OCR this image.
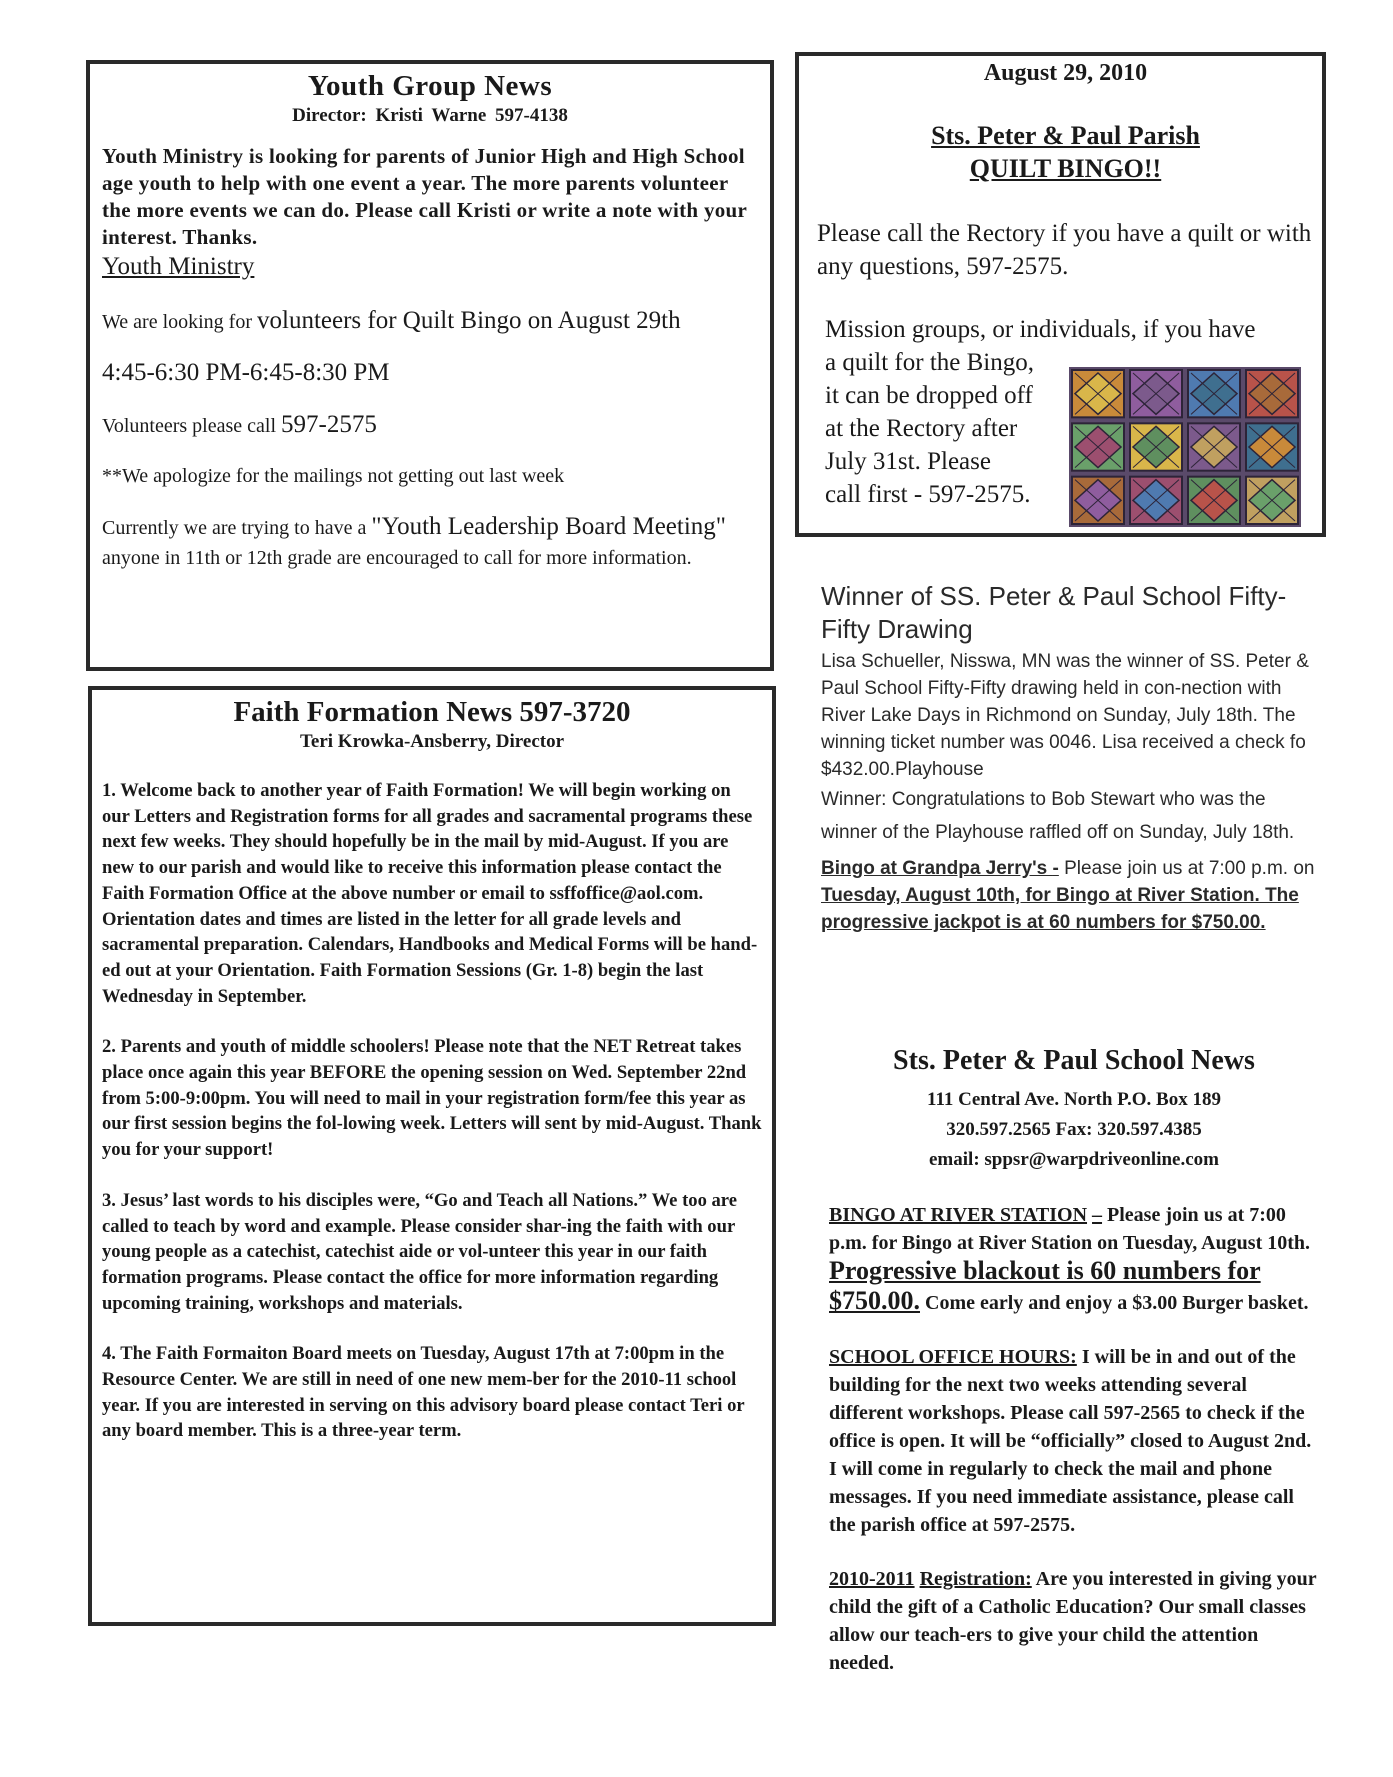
Youth Group News

Director: Kristi Warne 597-4138

Youth Ministry is looking for parents of Junior High and High School age youth to help with one event a year. The more parents volunteer the more events we can do. Please call Kristi or write a note with your interest. Thanks.

Youth Ministry

We are looking for volunteers for Quilt Bingo on August 29th

4:45-6:30 PM-6:45-8:30 PM

Volunteers please call 597-2575

**We apologize for the mailings not getting out last week

Currently we are trying to have a "Youth Leadership Board Meeting" anyone in 11th or 12th grade are encouraged to call for more information.

Faith Formation News 597-3720

Teri Krowka-Ansberry, Director

1. Welcome back to another year of Faith Formation! We will begin working on our Letters and Registration forms for all grades and sacramental programs these next few weeks. They should hopefully be in the mail by mid-August. If you are new to our parish and would like to receive this information please contact the Faith Formation Office at the above number or email to ssffoffice@aol.com. Orientation dates and times are listed in the letter for all grade levels and sacramental preparation. Calendars, Handbooks and Medical Forms will be hand-ed out at your Orientation. Faith Formation Sessions (Gr. 1-8) begin the last Wednesday in September.

2. Parents and youth of middle schoolers! Please note that the NET Retreat takes place once again this year BEFORE the opening session on Wed. September 22nd from 5:00-9:00pm. You will need to mail in your registration form/fee this year as our first session begins the fol-lowing week. Letters will sent by mid-August. Thank you for your support!

3. Jesus’ last words to his disciples were, “Go and Teach all Nations.” We too are called to teach by word and example. Please consider shar-ing the faith with our young people as a catechist, catechist aide or vol-unteer this year in our faith formation programs. Please contact the office for more information regarding upcoming training, workshops and materials.

4. The Faith Formaiton Board meets on Tuesday, August 17th at 7:00pm in the Resource Center. We are still in need of one new mem-ber for the 2010-11 school year. If you are interested in serving on this advisory board please contact Teri or any board member. This is a three-year term.

August 29, 2010

Sts. Peter & Paul Parish
QUILT BINGO!!

Please call the Rectory if you have a quilt or with any questions, 597-2575.

Mission groups, or individuals, if you have
a quilt for the Bingo,
it can be dropped off
at the Rectory after
July 31st. Please
call first - 597-2575.

Winner of SS. Peter & Paul School Fifty-Fifty Drawing

Lisa Schueller, Nisswa, MN was the winner of SS. Peter & Paul School Fifty-Fifty drawing held in con-nection with River Lake Days in Richmond on Sunday, July 18th. The winning ticket number was 0046. Lisa received a check fo $432.00.Playhouse

Winner: Congratulations to Bob Stewart who was the winner of the Playhouse raffled off on Sunday, July 18th.

Bingo at Grandpa Jerry's - Please join us at 7:00 p.m. on Tuesday, August 10th, for Bingo at River Station. The progressive jackpot is at 60 numbers for $750.00.

Sts. Peter & Paul School News

111 Central Ave. North P.O. Box 189
320.597.2565 Fax: 320.597.4385
email: sppsr@warpdriveonline.com

BINGO AT RIVER STATION – Please join us at 7:00 p.m. for Bingo at River Station on Tuesday, August 10th. Progressive blackout is 60 numbers for $750.00. Come early and enjoy a $3.00 Burger basket.

SCHOOL OFFICE HOURS: I will be in and out of the building for the next two weeks attending several different workshops. Please call 597-2565 to check if the office is open. It will be “officially” closed to August 2nd. I will come in regularly to check the mail and phone messages. If you need immediate assistance, please call the parish office at 597-2575.

2010-2011 Registration: Are you interested in giving your child the gift of a Catholic Education? Our small classes allow our teach-ers to give your child the attention needed.
